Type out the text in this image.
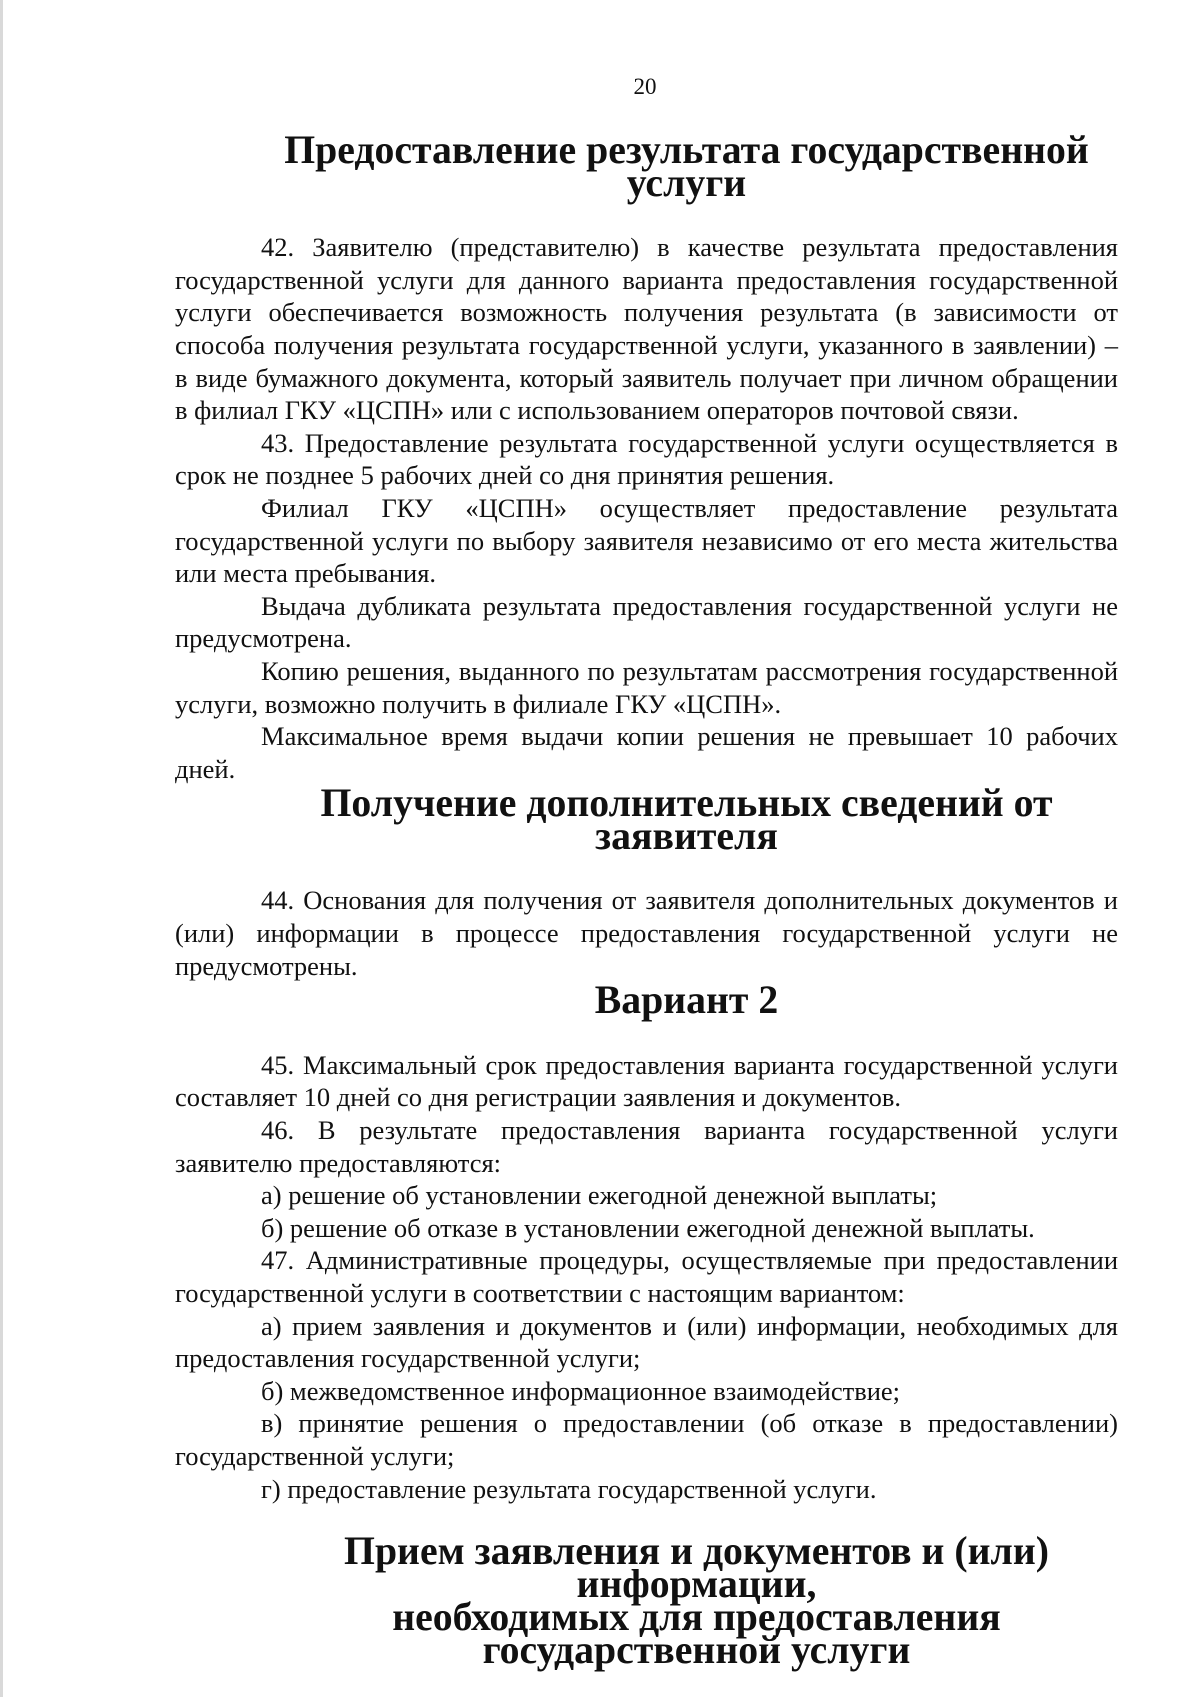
20
Предоставление результата государственной услуги

42. Заявителю (представителю) в качестве результата предоставления государственной услуги для данного варианта предоставления государственной услуги обеспечивается возможность получения результата (в зависимости от способа получения результата государственной услуги, указанного в заявлении) – в виде бумажного документа, который заявитель получает при личном обращении в филиал ГКУ «ЦСПН» или с использованием операторов почтовой связи.

43. Предоставление результата государственной услуги осуществляется в срок не позднее 5 рабочих дней со дня принятия решения.

Филиал ГКУ «ЦСПН» осуществляет предоставление результата государственной услуги по выбору заявителя независимо от его места жительства или места пребывания.

Выдача дубликата результата предоставления государственной услуги не предусмотрена.

Копию решения, выданного по результатам рассмотрения государственной услуги, возможно получить в филиале ГКУ «ЦСПН».

Максимальное время выдачи копии решения не превышает 10 рабочих дней.

Получение дополнительных сведений от заявителя

44. Основания для получения от заявителя дополнительных документов и (или) информации в процессе предоставления государственной услуги не предусмотрены.

Вариант 2

45. Максимальный срок предоставления варианта государственной услуги составляет 10 дней со дня регистрации заявления и документов.

46. В результате предоставления варианта государственной услуги заявителю предоставляются:

а) решение об установлении ежегодной денежной выплаты;

б) решение об отказе в установлении ежегодной денежной выплаты.

47. Административные процедуры, осуществляемые при предоставлении государственной услуги в соответствии с настоящим вариантом:

а) прием заявления и документов и (или) информации, необходимых для предоставления государственной услуги;

б) межведомственное информационное взаимодействие;

в) принятие решения о предоставлении (об отказе в предоставлении) государственной услуги;

г) предоставление результата государственной услуги.

Прием заявления и документов и (или) информации,
необходимых для предоставления государственной услуги
